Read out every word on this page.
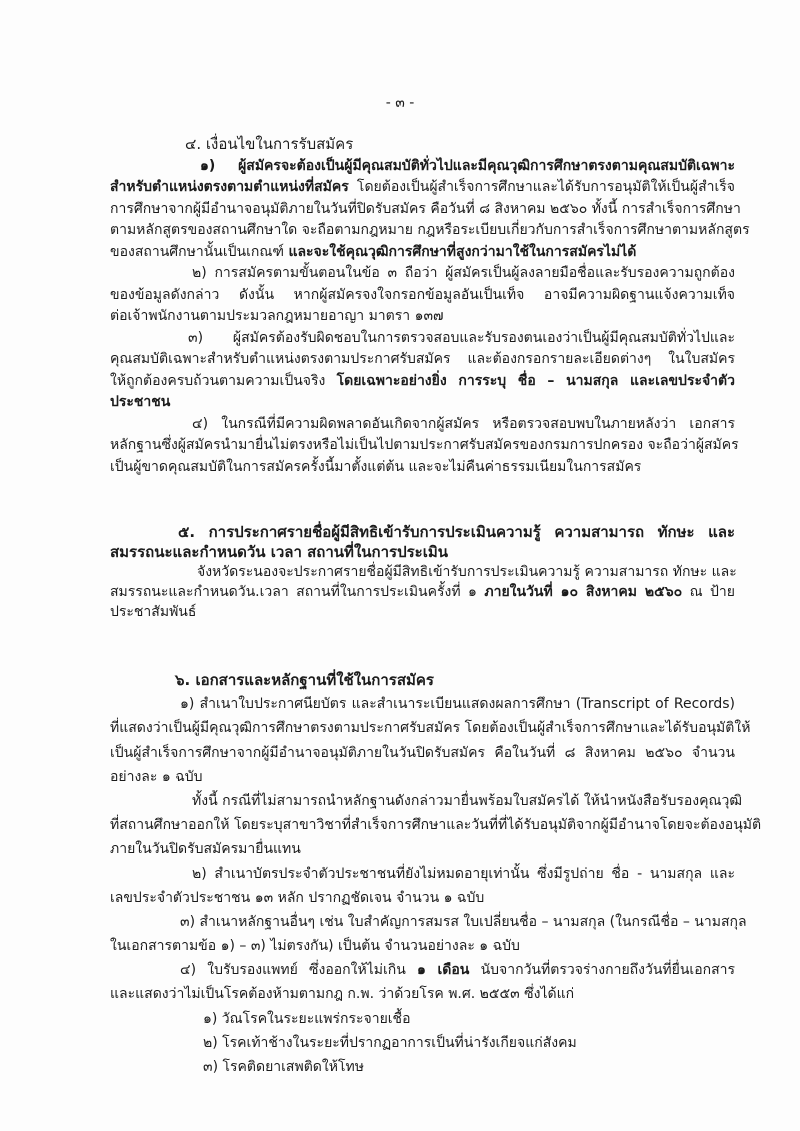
- ๓ -
๔. เงื่อนไขในการรับสมัคร
๑) ผู้สมัครจะต้องเป็นผู้มีคุณสมบัติทั่วไปและมีคุณวุฒิการศึกษาตรงตามคุณสมบัติเฉพาะ
สำหรับตำแหน่งตรงตามตำแหน่งที่สมัคร โดยต้องเป็นผู้สำเร็จการศึกษาและได้รับการอนุมัติให้เป็นผู้สำเร็จ
การศึกษาจากผู้มีอำนาจอนุมัติภายในวันที่ปิดรับสมัคร คือวันที่ ๘ สิงหาคม ๒๕๖๐ ทั้งนี้ การสำเร็จการศึกษา
ตามหลักสูตรของสถานศึกษาใด จะถือตามกฎหมาย กฎหรือระเบียบเกี่ยวกับการสำเร็จการศึกษาตามหลักสูตร
ของสถานศึกษานั้นเป็นเกณฑ์ และจะใช้คุณวุฒิการศึกษาที่สูงกว่ามาใช้ในการสมัครไม่ได้
๒) การสมัครตามขั้นตอนในข้อ ๓ ถือว่า ผู้สมัครเป็นผู้ลงลายมือชื่อและรับรองความถูกต้อง
ของข้อมูลดังกล่าว ดังนั้น หากผู้สมัครจงใจกรอกข้อมูลอันเป็นเท็จ อาจมีความผิดฐานแจ้งความเท็จ
ต่อเจ้าพนักงานตามประมวลกฎหมายอาญา มาตรา ๑๓๗
๓) ผู้สมัครต้องรับผิดชอบในการตรวจสอบและรับรองตนเองว่าเป็นผู้มีคุณสมบัติทั่วไปและ
คุณสมบัติเฉพาะสำหรับตำแหน่งตรงตามประกาศรับสมัคร และต้องกรอกรายละเอียดต่างๆ ในใบสมัคร
ให้ถูกต้องครบถ้วนตามความเป็นจริง โดยเฉพาะอย่างยิ่ง การระบุ ชื่อ – นามสกุล และเลขประจำตัว
ประชาชน
๔) ในกรณีที่มีความผิดพลาดอันเกิดจากผู้สมัคร หรือตรวจสอบพบในภายหลังว่า เอกสาร
หลักฐานซึ่งผู้สมัครนำมายื่นไม่ตรงหรือไม่เป็นไปตามประกาศรับสมัครของกรมการปกครอง จะถือว่าผู้สมัคร
เป็นผู้ขาดคุณสมบัติในการสมัครครั้งนี้มาตั้งแต่ต้น และจะไม่คืนค่าธรรมเนียมในการสมัคร
๕. การประกาศรายชื่อผู้มีสิทธิเข้ารับการประเมินความรู้ ความสามารถ ทักษะ และ
สมรรถนะและกำหนดวัน เวลา สถานที่ในการประเมิน
จังหวัดระนองจะประกาศรายชื่อผู้มีสิทธิเข้ารับการประเมินความรู้ ความสามารถ ทักษะ และ
สมรรถนะและกำหนดวัน.เวลา สถานที่ในการประเมินครั้งที่ ๑ ภายในวันที่ ๑๐ สิงหาคม ๒๕๖๐ ณ ป้าย
ประชาสัมพันธ์
๖. เอกสารและหลักฐานที่ใช้ในการสมัคร
๑) สำเนาใบประกาศนียบัตร และสำเนาระเบียนแสดงผลการศึกษา (Transcript of Records)
ที่แสดงว่าเป็นผู้มีคุณวุฒิการศึกษาตรงตามประกาศรับสมัคร โดยต้องเป็นผู้สำเร็จการศึกษาและได้รับอนุมัติให้
เป็นผู้สำเร็จการศึกษาจากผู้มีอำนาจอนุมัติภายในวันปิดรับสมัคร คือในวันที่ ๘ สิงหาคม ๒๕๖๐ จำนวน
อย่างละ ๑ ฉบับ
ทั้งนี้ กรณีที่ไม่สามารถนำหลักฐานดังกล่าวมายื่นพร้อมใบสมัครได้ ให้นำหนังสือรับรองคุณวุฒิ
ที่สถานศึกษาออกให้ โดยระบุสาขาวิชาที่สำเร็จการศึกษาและวันที่ที่ได้รับอนุมัติจากผู้มีอำนาจโดยจะต้องอนุมัติ
ภายในวันปิดรับสมัครมายื่นแทน
๒) สำเนาบัตรประจำตัวประชาชนที่ยังไม่หมดอายุเท่านั้น ซึ่งมีรูปถ่าย ชื่อ - นามสกุล และ
เลขประจำตัวประชาชน ๑๓ หลัก ปรากฏชัดเจน จำนวน ๑ ฉบับ
๓) สำเนาหลักฐานอื่นๆ เช่น ใบสำคัญการสมรส ใบเปลี่ยนชื่อ – นามสกุล (ในกรณีชื่อ – นามสกุล
ในเอกสารตามข้อ ๑) – ๓) ไม่ตรงกัน) เป็นต้น จำนวนอย่างละ ๑ ฉบับ
๔) ใบรับรองแพทย์ ซึ่งออกให้ไม่เกิน ๑ เดือน นับจากวันที่ตรวจร่างกายถึงวันที่ยื่นเอกสาร
และแสดงว่าไม่เป็นโรคต้องห้ามตามกฎ ก.พ. ว่าด้วยโรค พ.ศ. ๒๕๕๓ ซึ่งได้แก่
๑) วัณโรคในระยะแพร่กระจายเชื้อ
๒) โรคเท้าช้างในระยะที่ปรากฏอาการเป็นที่น่ารังเกียจแก่สังคม
๓) โรคติดยาเสพติดให้โทษ
